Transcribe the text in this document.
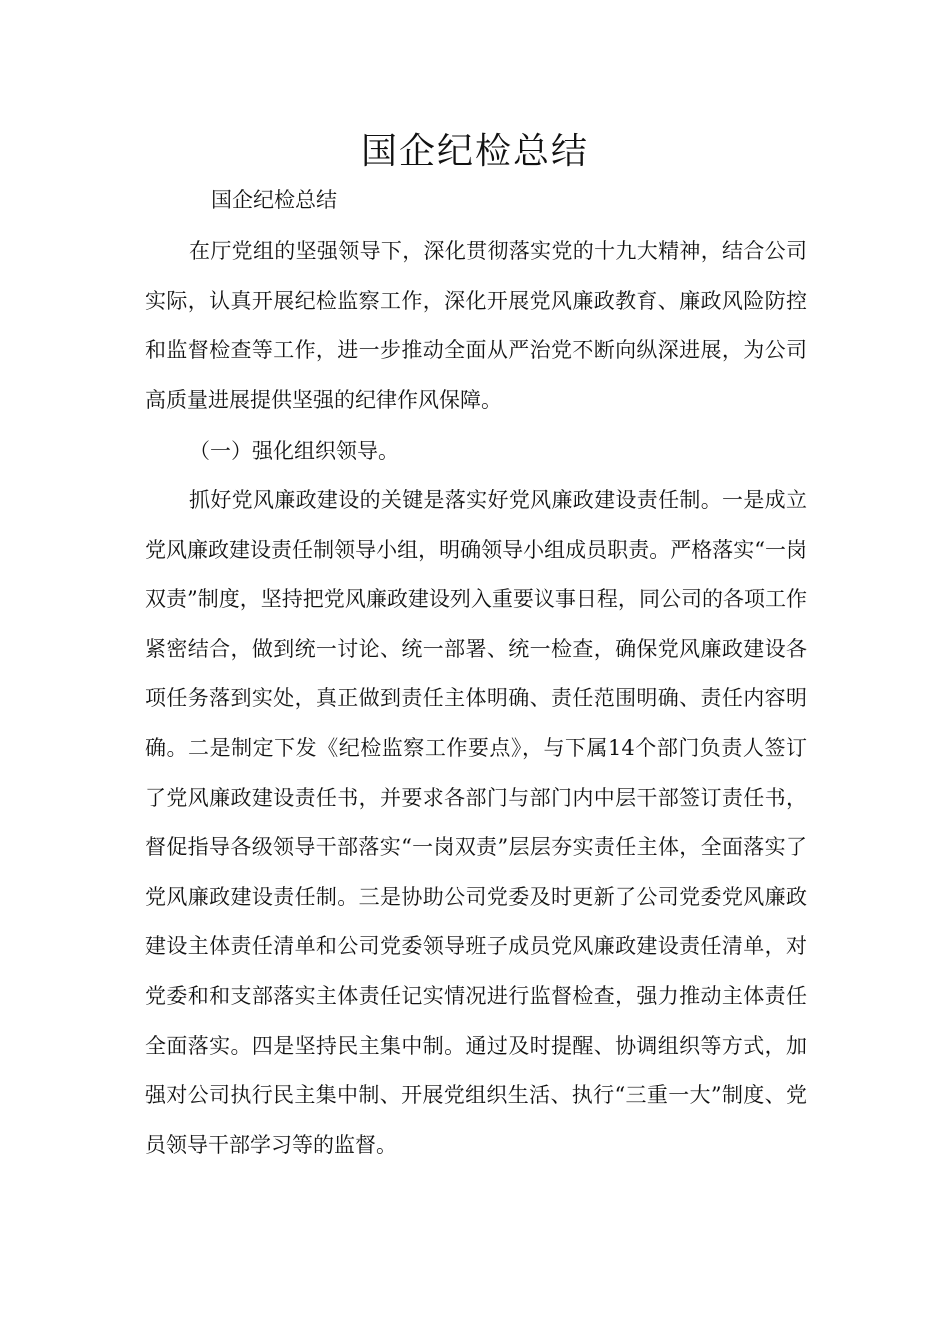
国企纪检总结

国企纪检总结

在厅党组的坚强领导下，深化贯彻落实党的十九大精神，结合公司实际，认真开展纪检监察工作，深化开展党风廉政教育、廉政风险防控和监督检查等工作，进一步推动全面从严治党不断向纵深进展，为公司高质量进展提供坚强的纪律作风保障。

（一）强化组织领导。

抓好党风廉政建设的关键是落实好党风廉政建设责任制。一是成立党风廉政建设责任制领导小组，明确领导小组成员职责。严格落实“一岗双责”制度，坚持把党风廉政建设列入重要议事日程，同公司的各项工作紧密结合，做到统一讨论、统一部署、统一检查，确保党风廉政建设各项任务落到实处，真正做到责任主体明确、责任范围明确、责任内容明确。二是制定下发《纪检监察工作要点》，与下属14个部门负责人签订了党风廉政建设责任书，并要求各部门与部门内中层干部签订责任书，督促指导各级领导干部落实“一岗双责”层层夯实责任主体，全面落实了党风廉政建设责任制。三是协助公司党委及时更新了公司党委党风廉政建设主体责任清单和公司党委领导班子成员党风廉政建设责任清单，对党委和和支部落实主体责任记实情况进行监督检查，强力推动主体责任全面落实。四是坚持民主集中制。通过及时提醒、协调组织等方式，加强对公司执行民主集中制、开展党组织生活、执行“三重一大”制度、党员领导干部学习等的监督。
